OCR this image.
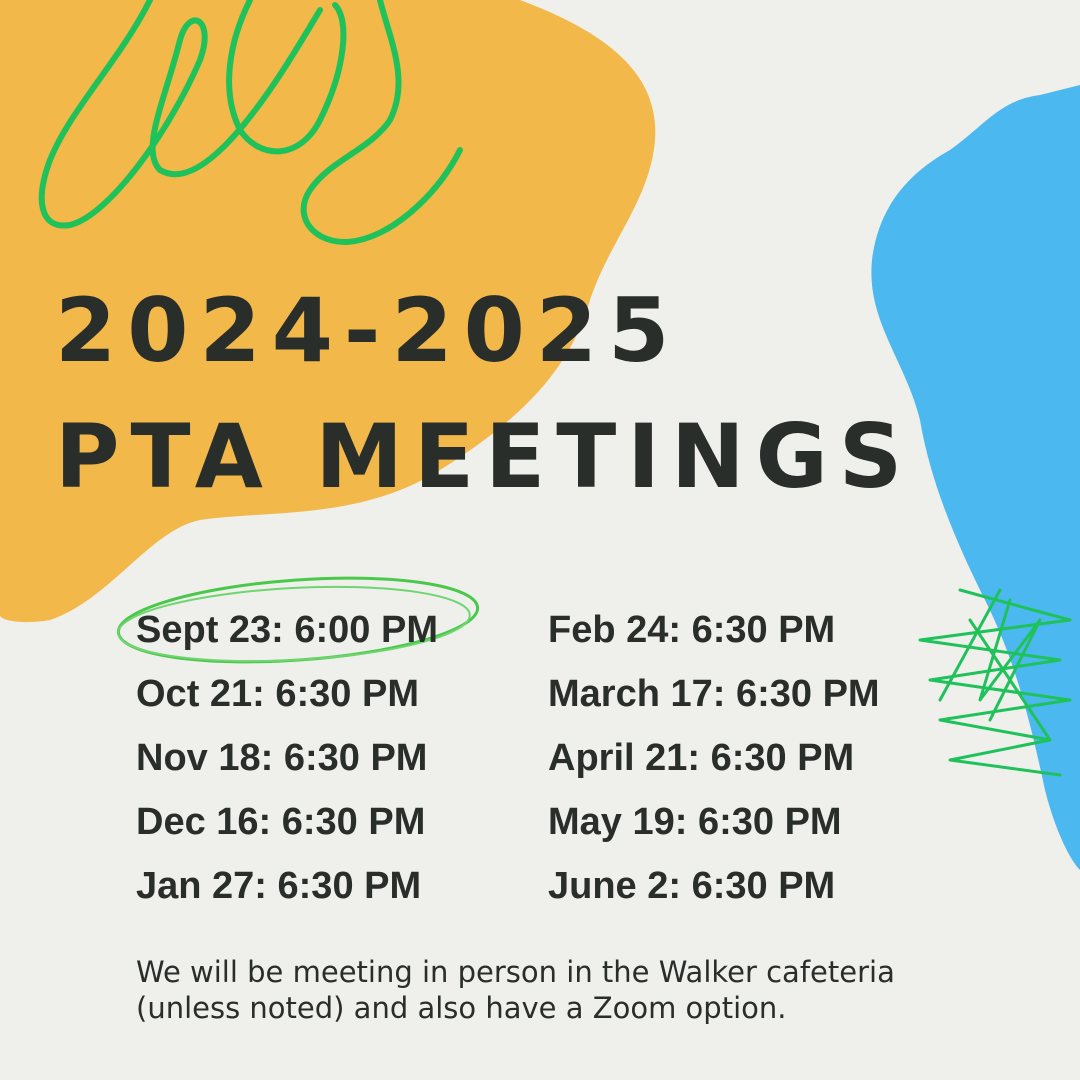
2024-2025
PTA MEETINGS
Sept 23: 6:00 PM
Oct 21: 6:30 PM
Nov 18: 6:30 PM
Dec 16: 6:30 PM
Jan 27: 6:30 PM
Feb 24: 6:30 PM
March 17: 6:30 PM
April 21: 6:30 PM
May 19: 6:30 PM
June 2: 6:30 PM

We will be meeting in person in the Walker cafeteria
(unless noted) and also have a Zoom option.
